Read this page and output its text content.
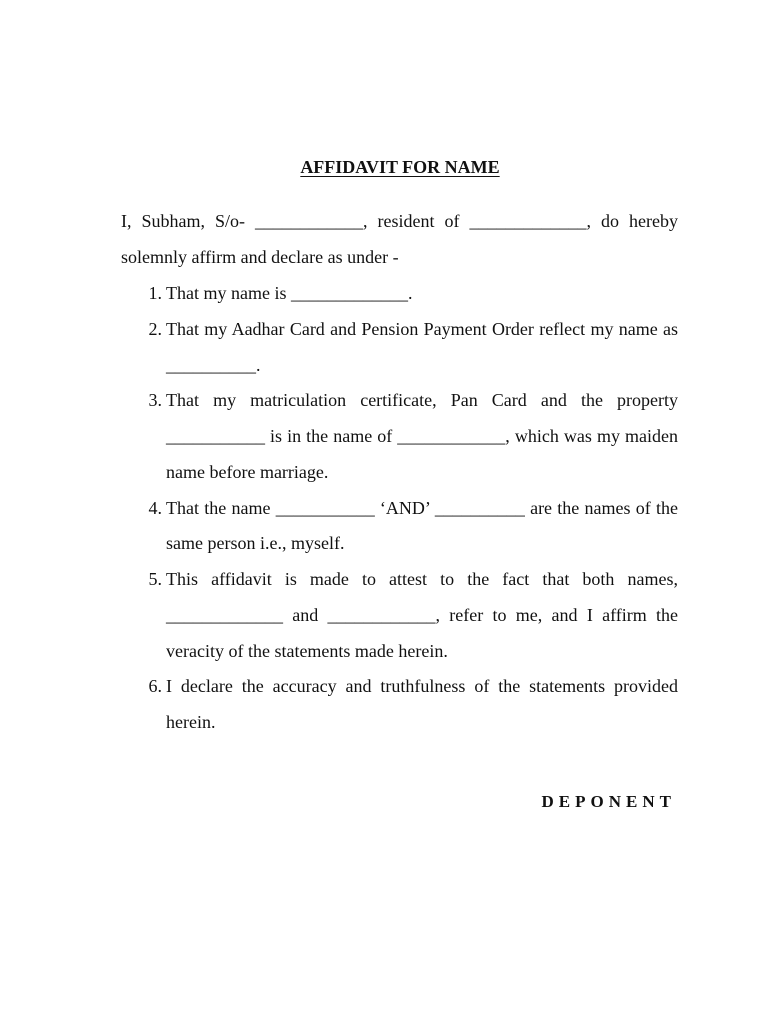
AFFIDAVIT FOR NAME
I, Subham, S/o- ____________, resident of _____________, do hereby solemnly affirm and declare as under -
1. That my name is _____________.
2. That my Aadhar Card and Pension Payment Order reflect my name as __________.
3. That my matriculation certificate, Pan Card and the property ___________ is in the name of ____________, which was my maiden name before marriage.
4. That the name ___________ ‘AND’ __________ are the names of the same person i.e., myself.
5. This affidavit is made to attest to the fact that both names, _____________ and ____________, refer to me, and I affirm the veracity of the statements made herein.
6. I declare the accuracy and truthfulness of the statements provided herein.
DEPONENT
